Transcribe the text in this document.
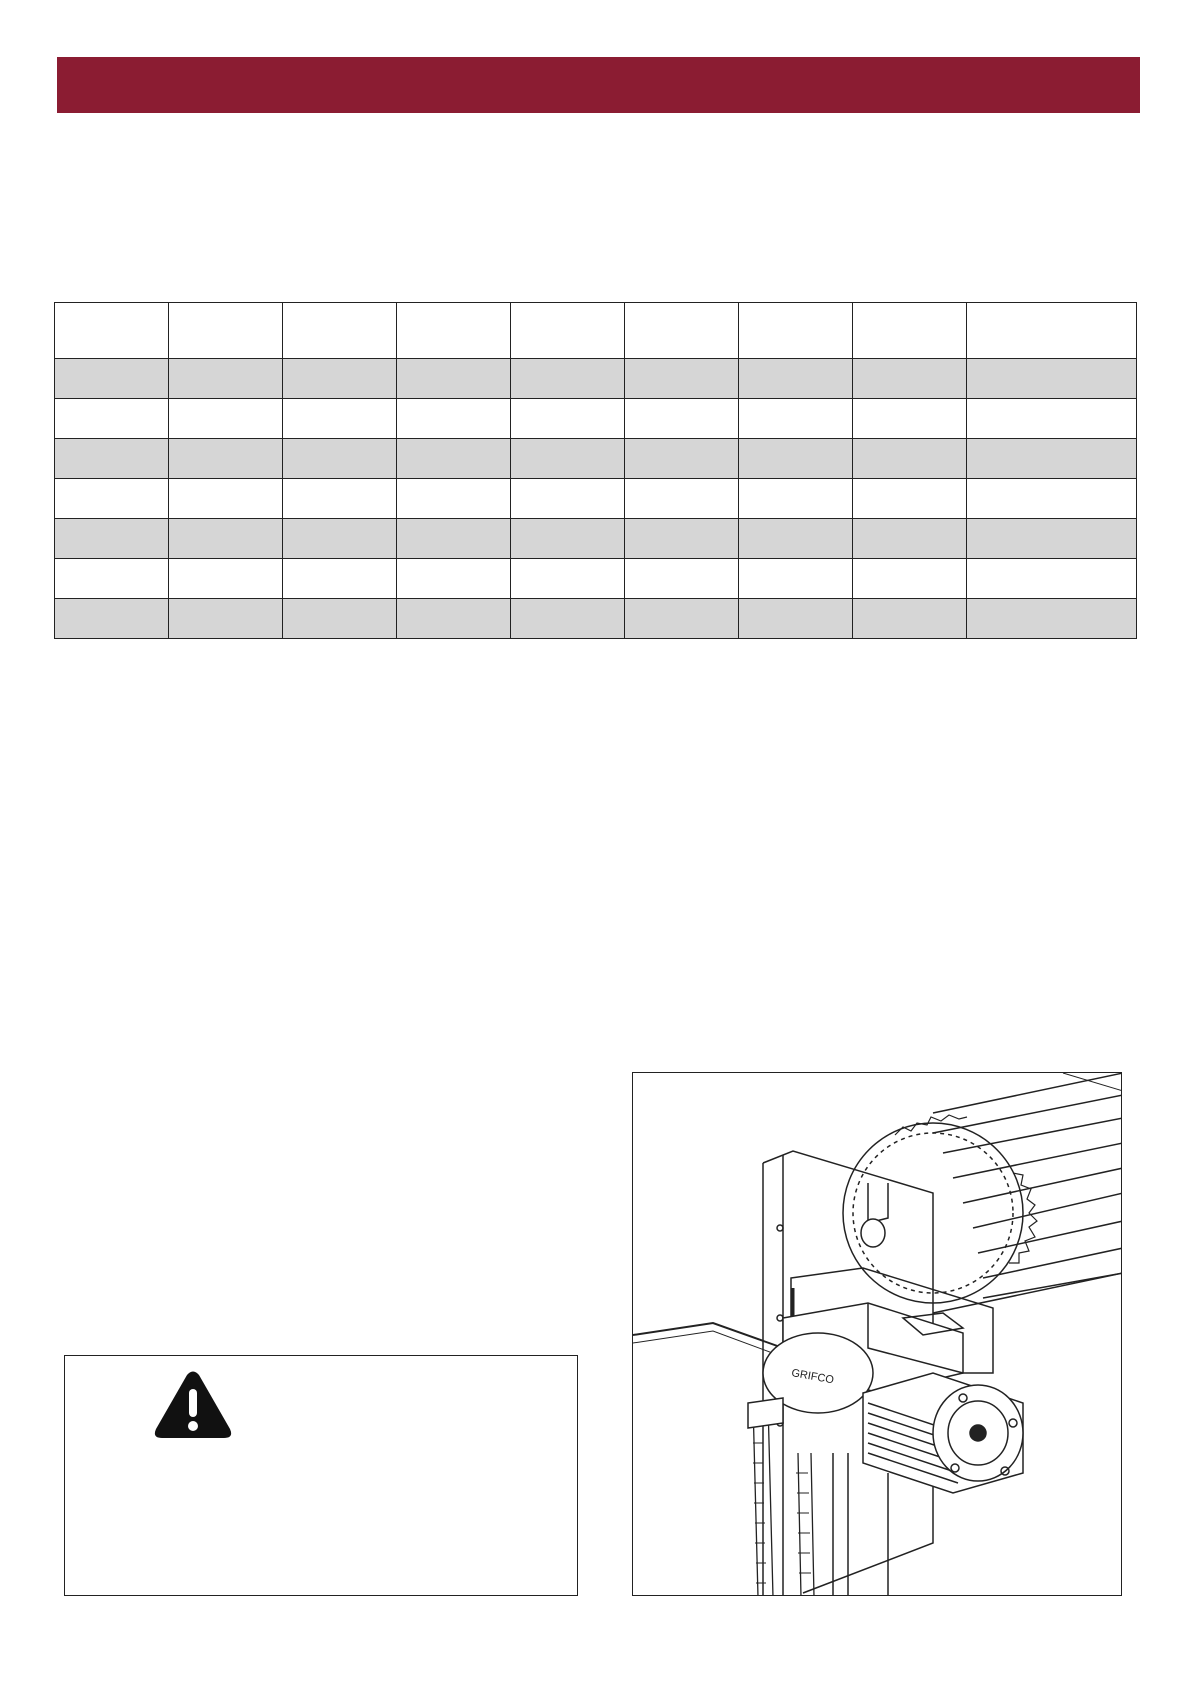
GRIFCO
